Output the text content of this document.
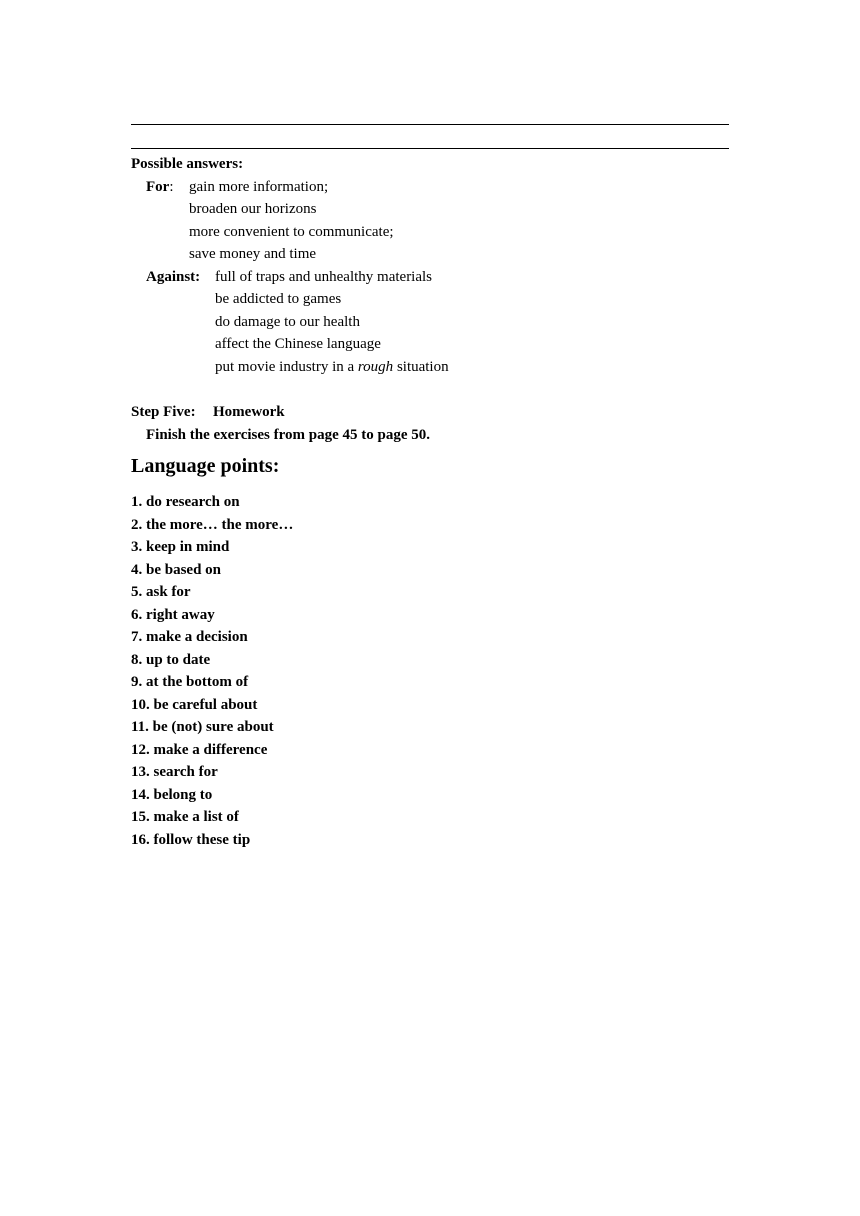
Possible answers:
For: gain more information;
broaden our horizons
more convenient to communicate;
save money and time
Against: full of traps and unhealthy materials
be addicted to games
do damage to our health
affect the Chinese language
put movie industry in a rough situation
Step Five: Homework
Finish the exercises from page 45 to page 50.
Language points:
1. do research on
2. the more… the more…
3. keep in mind
4. be based on
5. ask for
6. right away
7. make a decision
8. up to date
9. at the bottom of
10. be careful about
11. be (not) sure about
12. make a difference
13. search for
14. belong to
15. make a list of
16. follow these tip
